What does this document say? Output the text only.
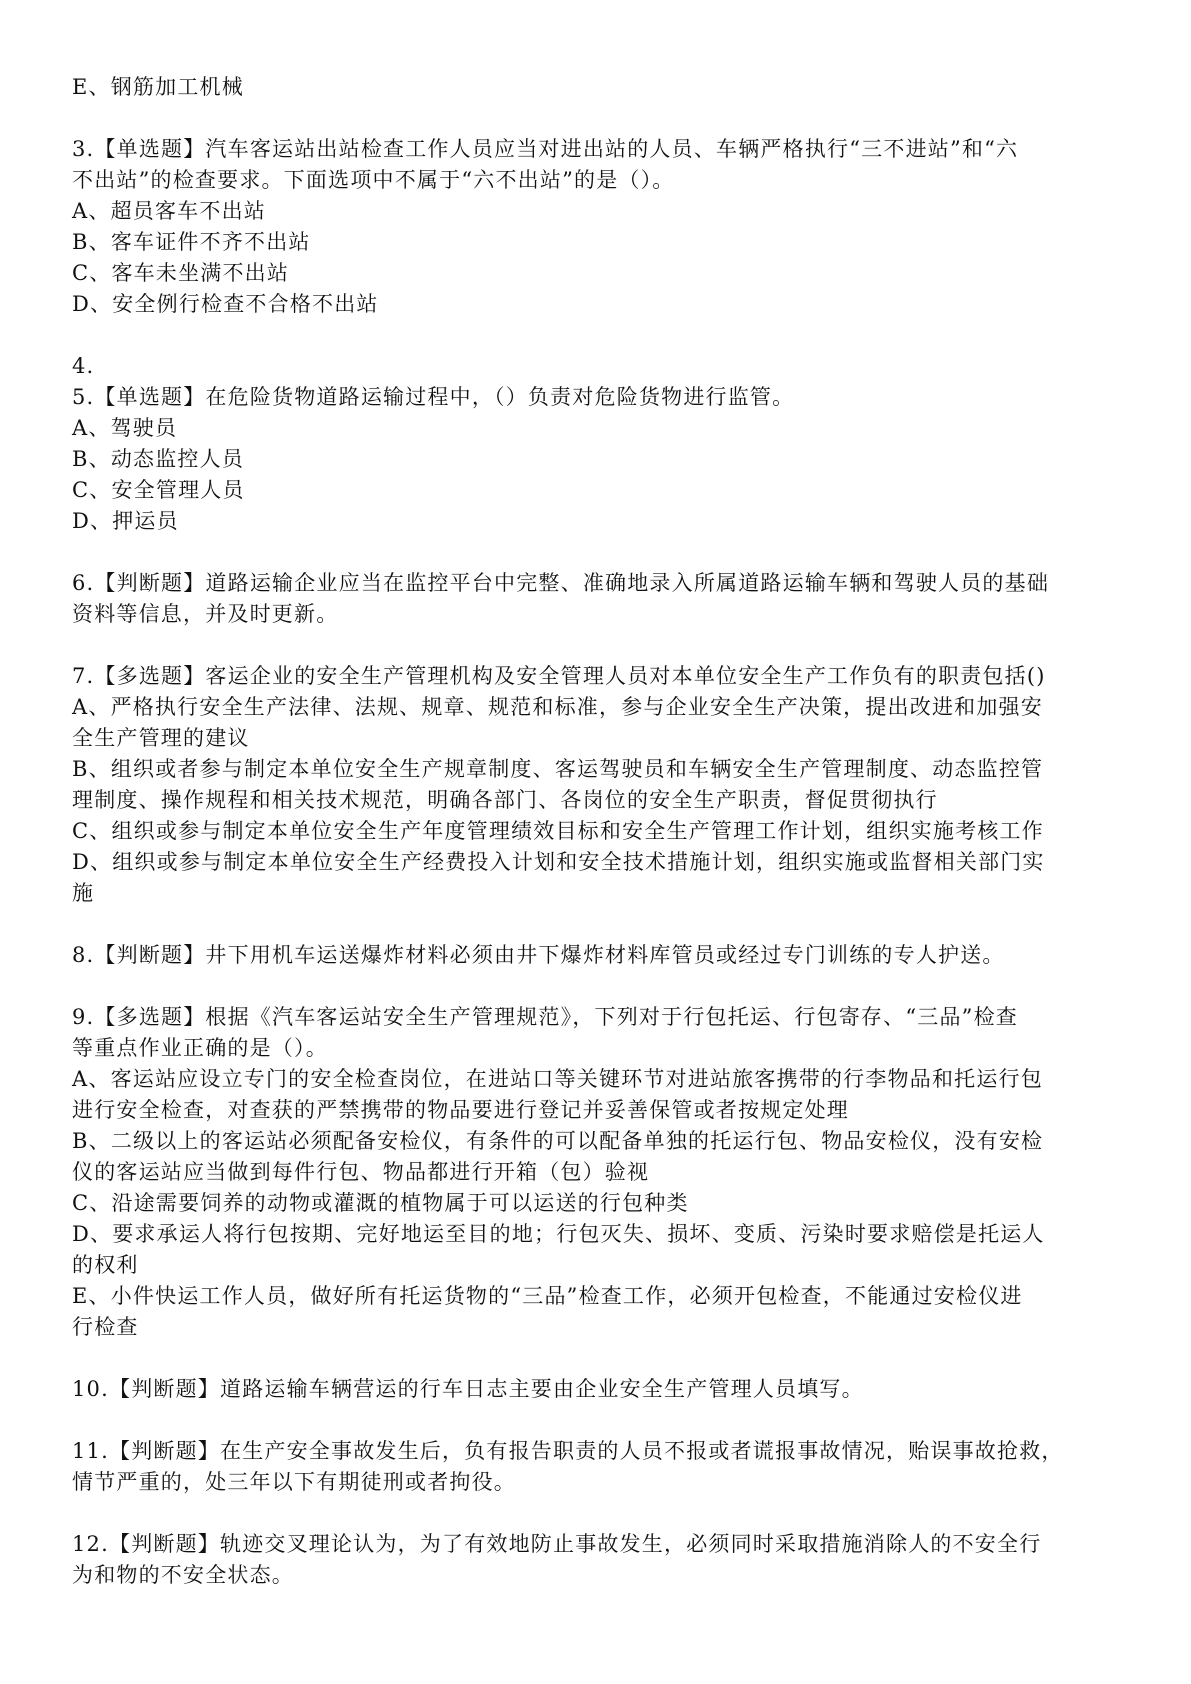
E、钢筋加工机械
3.【单选题】汽车客运站出站检查工作人员应当对进出站的人员、车辆严格执行“三不进站”和“六
不出站”的检查要求。下面选项中不属于“六不出站”的是（）。
A、超员客车不出站
B、客车证件不齐不出站
C、客车未坐满不出站
D、安全例行检查不合格不出站
4.
5.【单选题】在危险货物道路运输过程中，（）负责对危险货物进行监管。
A、驾驶员
B、动态监控人员
C、安全管理人员
D、押运员
6.【判断题】道路运输企业应当在监控平台中完整、准确地录入所属道路运输车辆和驾驶人员的基础
资料等信息，并及时更新。
7.【多选题】客运企业的安全生产管理机构及安全管理人员对本单位安全生产工作负有的职责包括()
A、严格执行安全生产法律、法规、规章、规范和标准，参与企业安全生产决策，提出改进和加强安
全生产管理的建议
B、组织或者参与制定本单位安全生产规章制度、客运驾驶员和车辆安全生产管理制度、动态监控管
理制度、操作规程和相关技术规范，明确各部门、各岗位的安全生产职责，督促贯彻执行
C、组织或参与制定本单位安全生产年度管理绩效目标和安全生产管理工作计划，组织实施考核工作
D、组织或参与制定本单位安全生产经费投入计划和安全技术措施计划，组织实施或监督相关部门实
施
8.【判断题】井下用机车运送爆炸材料必须由井下爆炸材料库管员或经过专门训练的专人护送。
9.【多选题】根据《汽车客运站安全生产管理规范》，下列对于行包托运、行包寄存、“三品”检查
等重点作业正确的是（）。
A、客运站应设立专门的安全检查岗位，在进站口等关键环节对进站旅客携带的行李物品和托运行包
进行安全检查，对查获的严禁携带的物品要进行登记并妥善保管或者按规定处理
B、二级以上的客运站必须配备安检仪，有条件的可以配备单独的托运行包、物品安检仪，没有安检
仪的客运站应当做到每件行包、物品都进行开箱（包）验视
C、沿途需要饲养的动物或灌溉的植物属于可以运送的行包种类
D、要求承运人将行包按期、完好地运至目的地；行包灭失、损坏、变质、污染时要求赔偿是托运人
的权利
E、小件快运工作人员，做好所有托运货物的“三品”检查工作，必须开包检查，不能通过安检仪进
行检查
10.【判断题】道路运输车辆营运的行车日志主要由企业安全生产管理人员填写。
11.【判断题】在生产安全事故发生后，负有报告职责的人员不报或者谎报事故情况，贻误事故抢救，
情节严重的，处三年以下有期徒刑或者拘役。
12.【判断题】轨迹交叉理论认为，为了有效地防止事故发生，必须同时采取措施消除人的不安全行
为和物的不安全状态。
